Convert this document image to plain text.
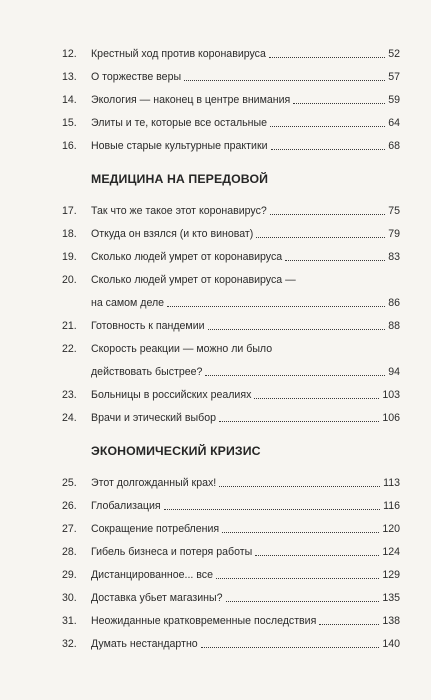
12.	Крестный ход против коронавируса	52
13.	О торжестве веры	57
14.	Экология — наконец в центре внимания	59
15.	Элиты и те, которые все остальные	64
16.	Новые старые культурные практики	68
МЕДИЦИНА НА ПЕРЕДОВОЙ
17.	Так что же такое этот коронавирус?	75
18.	Откуда он взялся (и кто виноват)	79
19.	Сколько людей умрет от коронавируса	83
20.	Сколько людей умрет от коронавируса —
на самом деле	86
21.	Готовность к пандемии	88
22.	Скорость реакции — можно ли было
действовать быстрее?	94
23.	Больницы в российских реалиях	103
24.	Врачи и этический выбор	106
ЭКОНОМИЧЕСКИЙ КРИЗИС
25.	Этот долгожданный крах!	113
26.	Глобализация	116
27.	Сокращение потребления	120
28.	Гибель бизнеса и потеря работы	124
29.	Дистанцированное... все	129
30.	Доставка убьет магазины?	135
31.	Неожиданные кратковременные последствия	138
32.	Думать нестандартно	140
